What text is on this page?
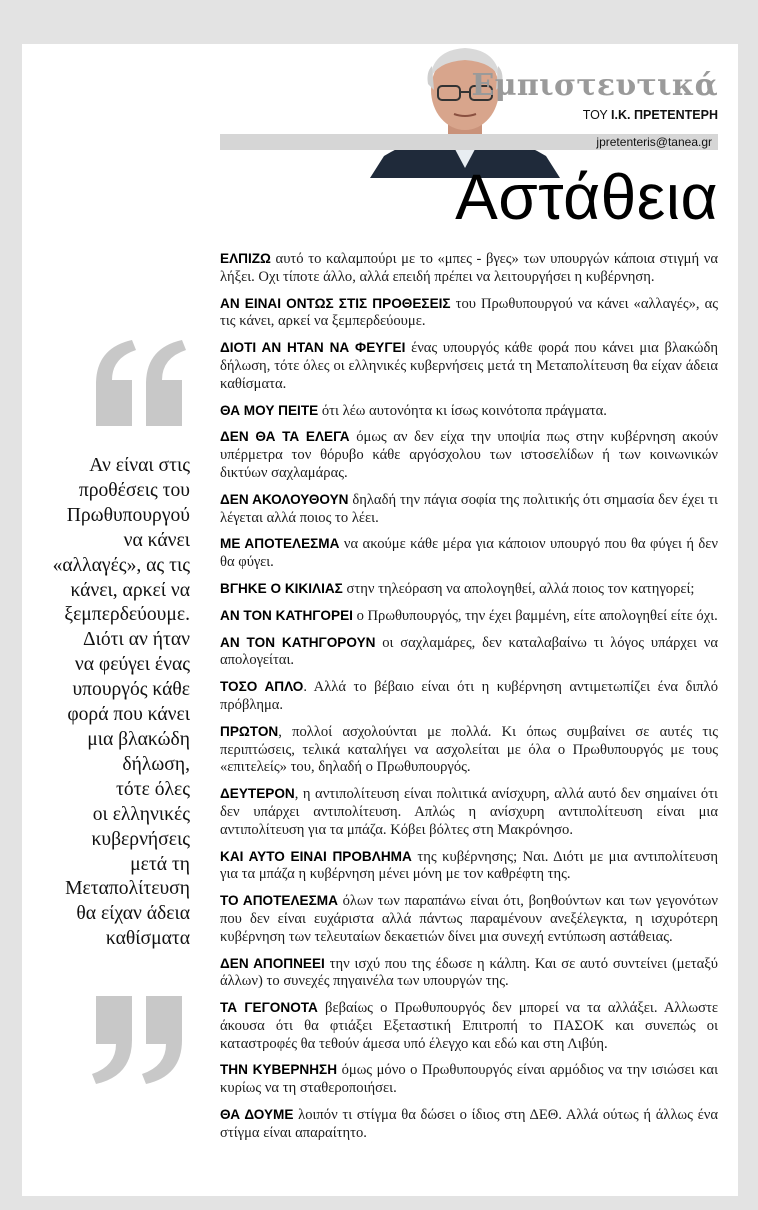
Εμπιστευτικά
ΤΟΥ Ι.Κ. ΠΡΕΤΕΝΤΕΡΗ
jpretenteris@tanea.gr
Αστάθεια
Αν είναι στις
προθέσεις του
Πρωθυπουργού
να κάνει
«αλλαγές», ας τις
κάνει, αρκεί να
ξεμπερδεύουμε.
Διότι αν ήταν
να φεύγει ένας
υπουργός κάθε
φορά που κάνει
μια βλακώδη
δήλωση,
τότε όλες
οι ελληνικές
κυβερνήσεις
μετά τη
Μεταπολίτευση
θα είχαν άδεια
καθίσματα

ΕΛΠΙΖΩ αυτό το καλαμπούρι με το «μπες - βγες» των υπουργών κάποια στιγμή να λήξει. Οχι τίποτε άλλο, αλλά επειδή πρέπει να λειτουργήσει η κυβέρνηση.

ΑΝ ΕΙΝΑΙ ΟΝΤΩΣ ΣΤΙΣ ΠΡΟΘΕΣΕΙΣ του Πρωθυπουργού να κάνει «αλλαγές», ας τις κάνει, αρκεί να ξεμπερδεύουμε.

ΔΙΟΤΙ ΑΝ ΗΤΑΝ ΝΑ ΦΕΥΓΕΙ ένας υπουργός κάθε φορά που κάνει μια βλακώδη δήλωση, τότε όλες οι ελληνικές κυβερνήσεις μετά τη Μεταπολίτευση θα είχαν άδεια καθίσματα.

ΘΑ ΜΟΥ ΠΕΙΤΕ ότι λέω αυτονόητα κι ίσως κοινότοπα πράγματα.

ΔΕΝ ΘΑ ΤΑ ΕΛΕΓΑ όμως αν δεν είχα την υποψία πως στην κυβέρνηση ακούν υπέρμετρα τον θόρυβο κάθε αργόσχολου των ιστοσελίδων ή των κοινωνικών δικτύων σαχλαμάρας.

ΔΕΝ ΑΚΟΛΟΥΘΟΥΝ δηλαδή την πάγια σοφία της πολιτικής ότι σημασία δεν έχει τι λέγεται αλλά ποιος το λέει.

ΜΕ ΑΠΟΤΕΛΕΣΜΑ να ακούμε κάθε μέρα για κάποιον υπουργό που θα φύγει ή δεν θα φύγει.

ΒΓΗΚΕ Ο ΚΙΚΙΛΙΑΣ στην τηλεόραση να απολογηθεί, αλλά ποιος τον κατηγορεί;

ΑΝ ΤΟΝ ΚΑΤΗΓΟΡΕΙ ο Πρωθυπουργός, την έχει βαμμένη, είτε απολογηθεί είτε όχι.

ΑΝ ΤΟΝ ΚΑΤΗΓΟΡΟΥΝ οι σαχλαμάρες, δεν καταλαβαίνω τι λόγος υπάρχει να απολογείται.

ΤΟΣΟ ΑΠΛΟ. Αλλά το βέβαιο είναι ότι η κυβέρνηση αντιμετωπίζει ένα διπλό πρόβλημα.

ΠΡΩΤΟΝ, πολλοί ασχολούνται με πολλά. Κι όπως συμβαίνει σε αυτές τις περιπτώσεις, τελικά καταλήγει να ασχολείται με όλα ο Πρωθυπουργός με τους «επιτελείς» του, δηλαδή ο Πρωθυπουργός.

ΔΕΥΤΕΡΟΝ, η αντιπολίτευση είναι πολιτικά ανίσχυρη, αλλά αυτό δεν σημαίνει ότι δεν υπάρχει αντιπολίτευση. Απλώς η ανίσχυρη αντιπολίτευση είναι μια αντιπολίτευση για τα μπάζα. Κόβει βόλτες στη Μακρόνησο.

ΚΑΙ ΑΥΤΟ ΕΙΝΑΙ ΠΡΟΒΛΗΜΑ της κυβέρνησης; Ναι. Διότι με μια αντιπολίτευση για τα μπάζα η κυβέρνηση μένει μόνη με τον καθρέφτη της.

ΤΟ ΑΠΟΤΕΛΕΣΜΑ όλων των παραπάνω είναι ότι, βοηθούντων και των γεγονότων που δεν είναι ευχάριστα αλλά πάντως παραμένουν ανεξέλεγκτα, η ισχυρότερη κυβέρνηση των τελευταίων δεκαετιών δίνει μια συνεχή εντύπωση αστάθειας.

ΔΕΝ ΑΠΟΠΝΕΕΙ την ισχύ που της έδωσε η κάλπη. Και σε αυτό συντείνει (μεταξύ άλλων) το συνεχές πηγαινέλα των υπουργών της.

ΤΑ ΓΕΓΟΝΟΤΑ βεβαίως ο Πρωθυπουργός δεν μπορεί να τα αλλάξει. Αλλωστε άκουσα ότι θα φτιάξει Εξεταστική Επιτροπή το ΠΑΣΟΚ και συνεπώς οι καταστροφές θα τεθούν άμεσα υπό έλεγχο και εδώ και στη Λιβύη.

ΤΗΝ ΚΥΒΕΡΝΗΣΗ όμως μόνο ο Πρωθυπουργός είναι αρμόδιος να την ισιώσει και κυρίως να τη σταθεροποιήσει.

ΘΑ ΔΟΥΜΕ λοιπόν τι στίγμα θα δώσει ο ίδιος στη ΔΕΘ. Αλλά ούτως ή άλλως ένα στίγμα είναι απαραίτητο.
